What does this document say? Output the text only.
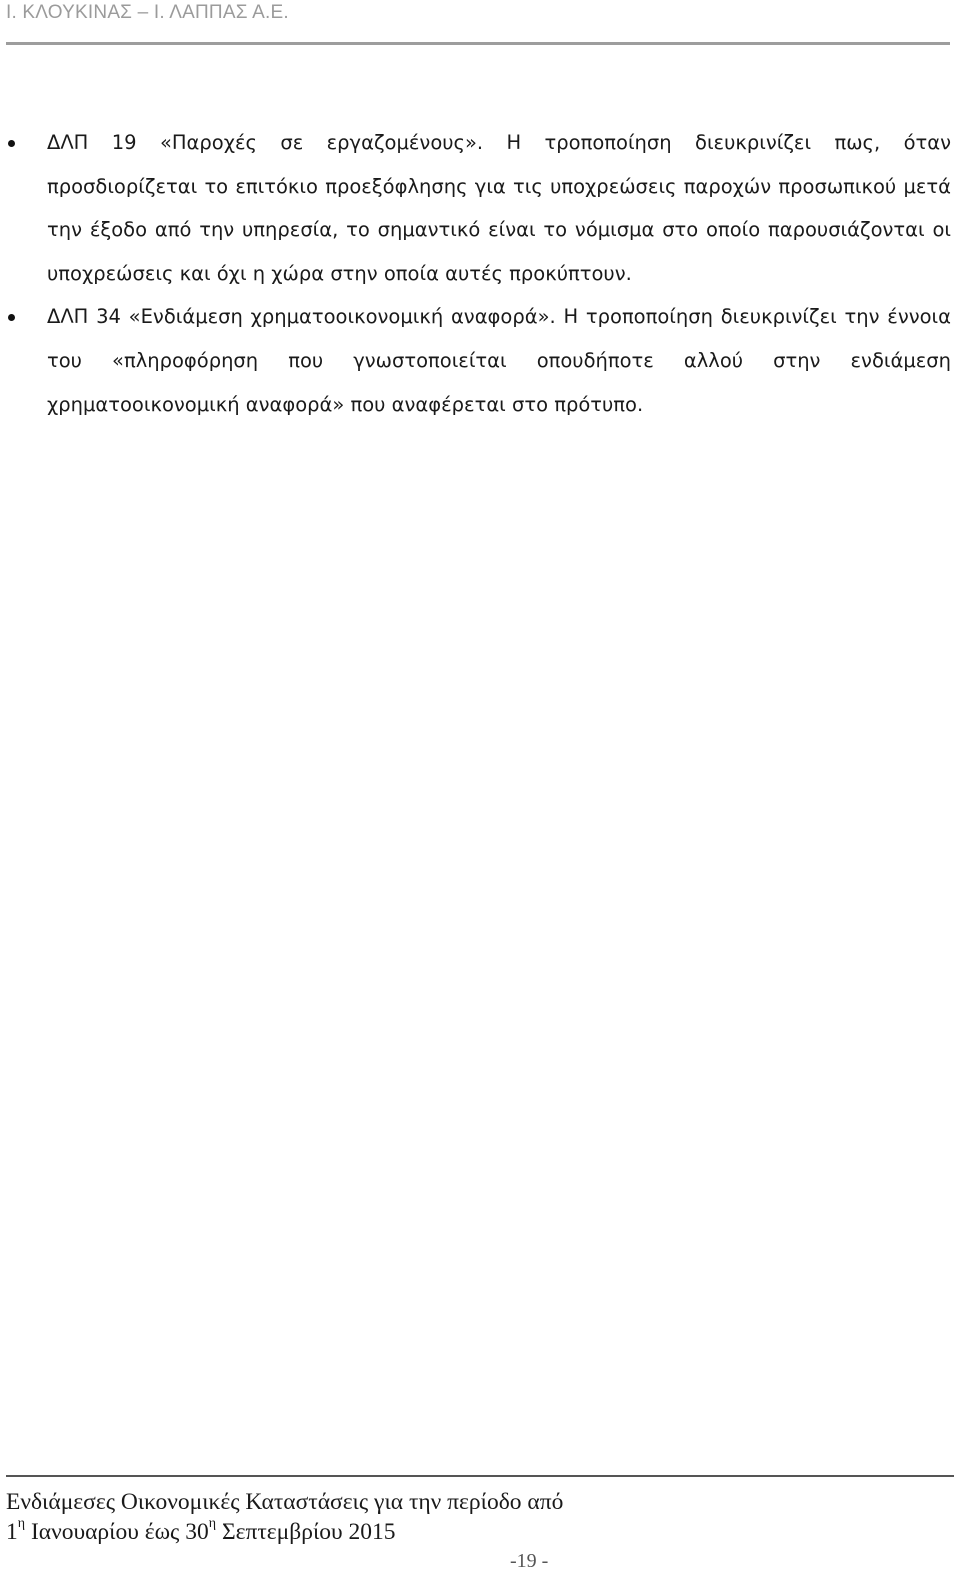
Ι. ΚΛΟΥΚΙΝΑΣ – Ι. ΛΑΠΠΑΣ Α.Ε.
ΔΛΠ 19 «Παροχές σε εργαζομένους». Η τροποποίηση διευκρινίζει πως, όταν προσδιορίζεται το επιτόκιο προεξόφλησης για τις υποχρεώσεις παροχών προσωπικού μετά την έξοδο από την υπηρεσία, το σημαντικό είναι το νόμισμα στο οποίο παρουσιάζονται οι υποχρεώσεις και όχι η χώρα στην οποία αυτές προκύπτουν.
ΔΛΠ 34 «Ενδιάμεση χρηματοοικονομική αναφορά». Η τροποποίηση διευκρινίζει την έννοια του «πληροφόρηση που γνωστοποιείται οπουδήποτε αλλού στην ενδιάμεση χρηματοοικονομική αναφορά» που αναφέρεται στο πρότυπο.
Ενδιάμεσες Οικονομικές Καταστάσεις για την περίοδο από
$1^\eta$ Ιανουαρίου έως $30^\eta$ Σεπτεμβρίου 2015
-19 -
